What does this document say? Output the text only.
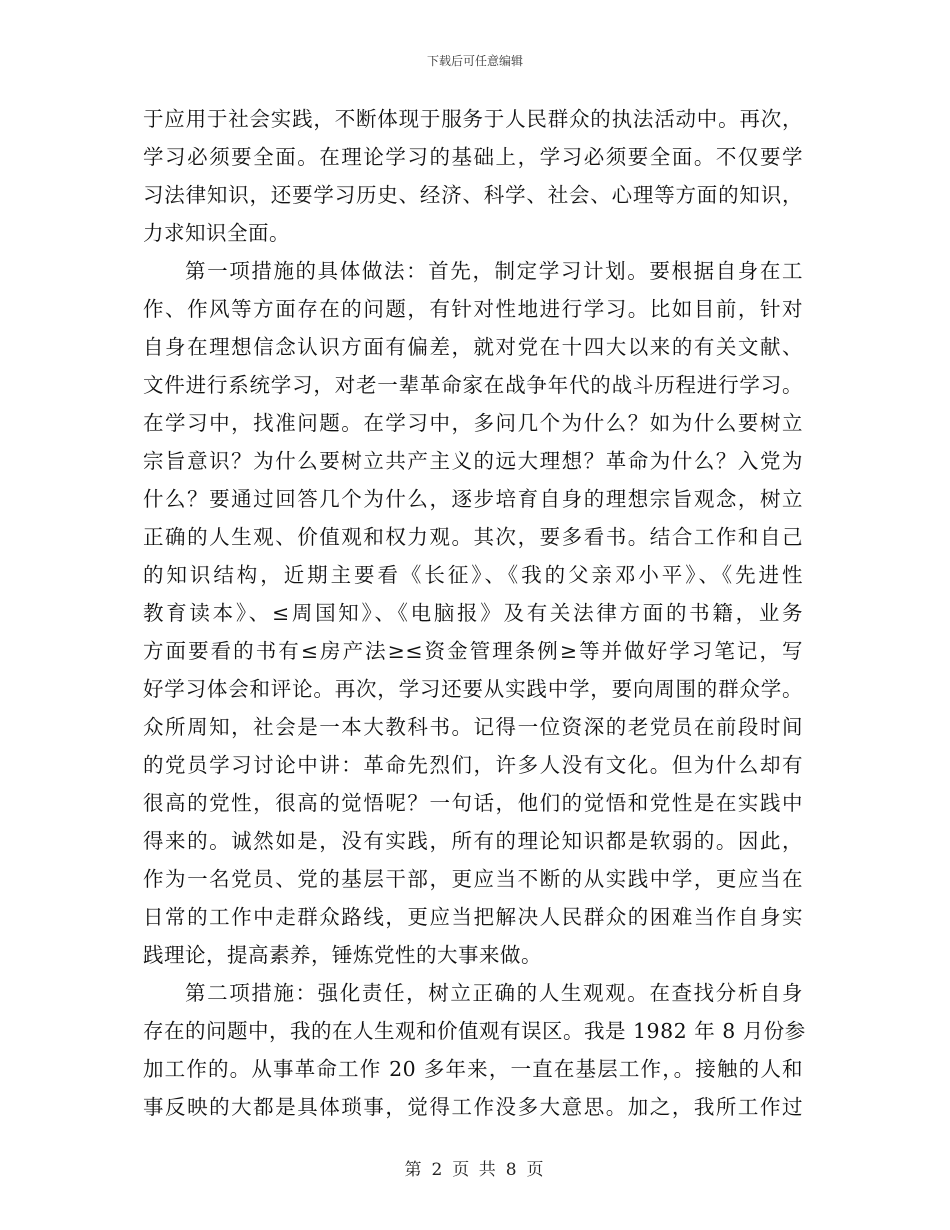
下载后可任意编辑
于应用于社会实践，不断体现于服务于人民群众的执法活动中。再次，
学习必须要全面。在理论学习的基础上，学习必须要全面。不仅要学
习法律知识，还要学习历史、经济、科学、社会、心理等方面的知识，
力求知识全面。
第一项措施的具体做法：首先，制定学习计划。要根据自身在工
作、作风等方面存在的问题，有针对性地进行学习。比如目前，针对
自身在理想信念认识方面有偏差，就对党在十四大以来的有关文献、
文件进行系统学习，对老一辈革命家在战争年代的战斗历程进行学习。
在学习中，找准问题。在学习中，多问几个为什么？如为什么要树立
宗旨意识？为什么要树立共产主义的远大理想？革命为什么？入党为
什么？要通过回答几个为什么，逐步培育自身的理想宗旨观念，树立
正确的人生观、价值观和权力观。其次，要多看书。结合工作和自己
的知识结构，近期主要看《长征》、《我的父亲邓小平》、《先进性
教育读本》、≤周国知》、《电脑报》及有关法律方面的书籍，业务
方面要看的书有≤房产法≥≤资金管理条例≥等并做好学习笔记，写
好学习体会和评论。再次，学习还要从实践中学，要向周围的群众学。
众所周知，社会是一本大教科书。记得一位资深的老党员在前段时间
的党员学习讨论中讲：革命先烈们，许多人没有文化。但为什么却有
很高的党性，很高的觉悟呢？一句话，他们的觉悟和党性是在实践中
得来的。诚然如是，没有实践，所有的理论知识都是软弱的。因此，
作为一名党员、党的基层干部，更应当不断的从实践中学，更应当在
日常的工作中走群众路线，更应当把解决人民群众的困难当作自身实
践理论，提高素养，锤炼党性的大事来做。
第二项措施：强化责任，树立正确的人生观观。在查找分析自身
存在的问题中，我的在人生观和价值观有误区。我是 1982 年 8 月份参
加工作的。从事革命工作 20 多年来，一直在基层工作，。接触的人和
事反映的大都是具体琐事，觉得工作没多大意思。加之，我所工作过
第 2 页 共 8 页
